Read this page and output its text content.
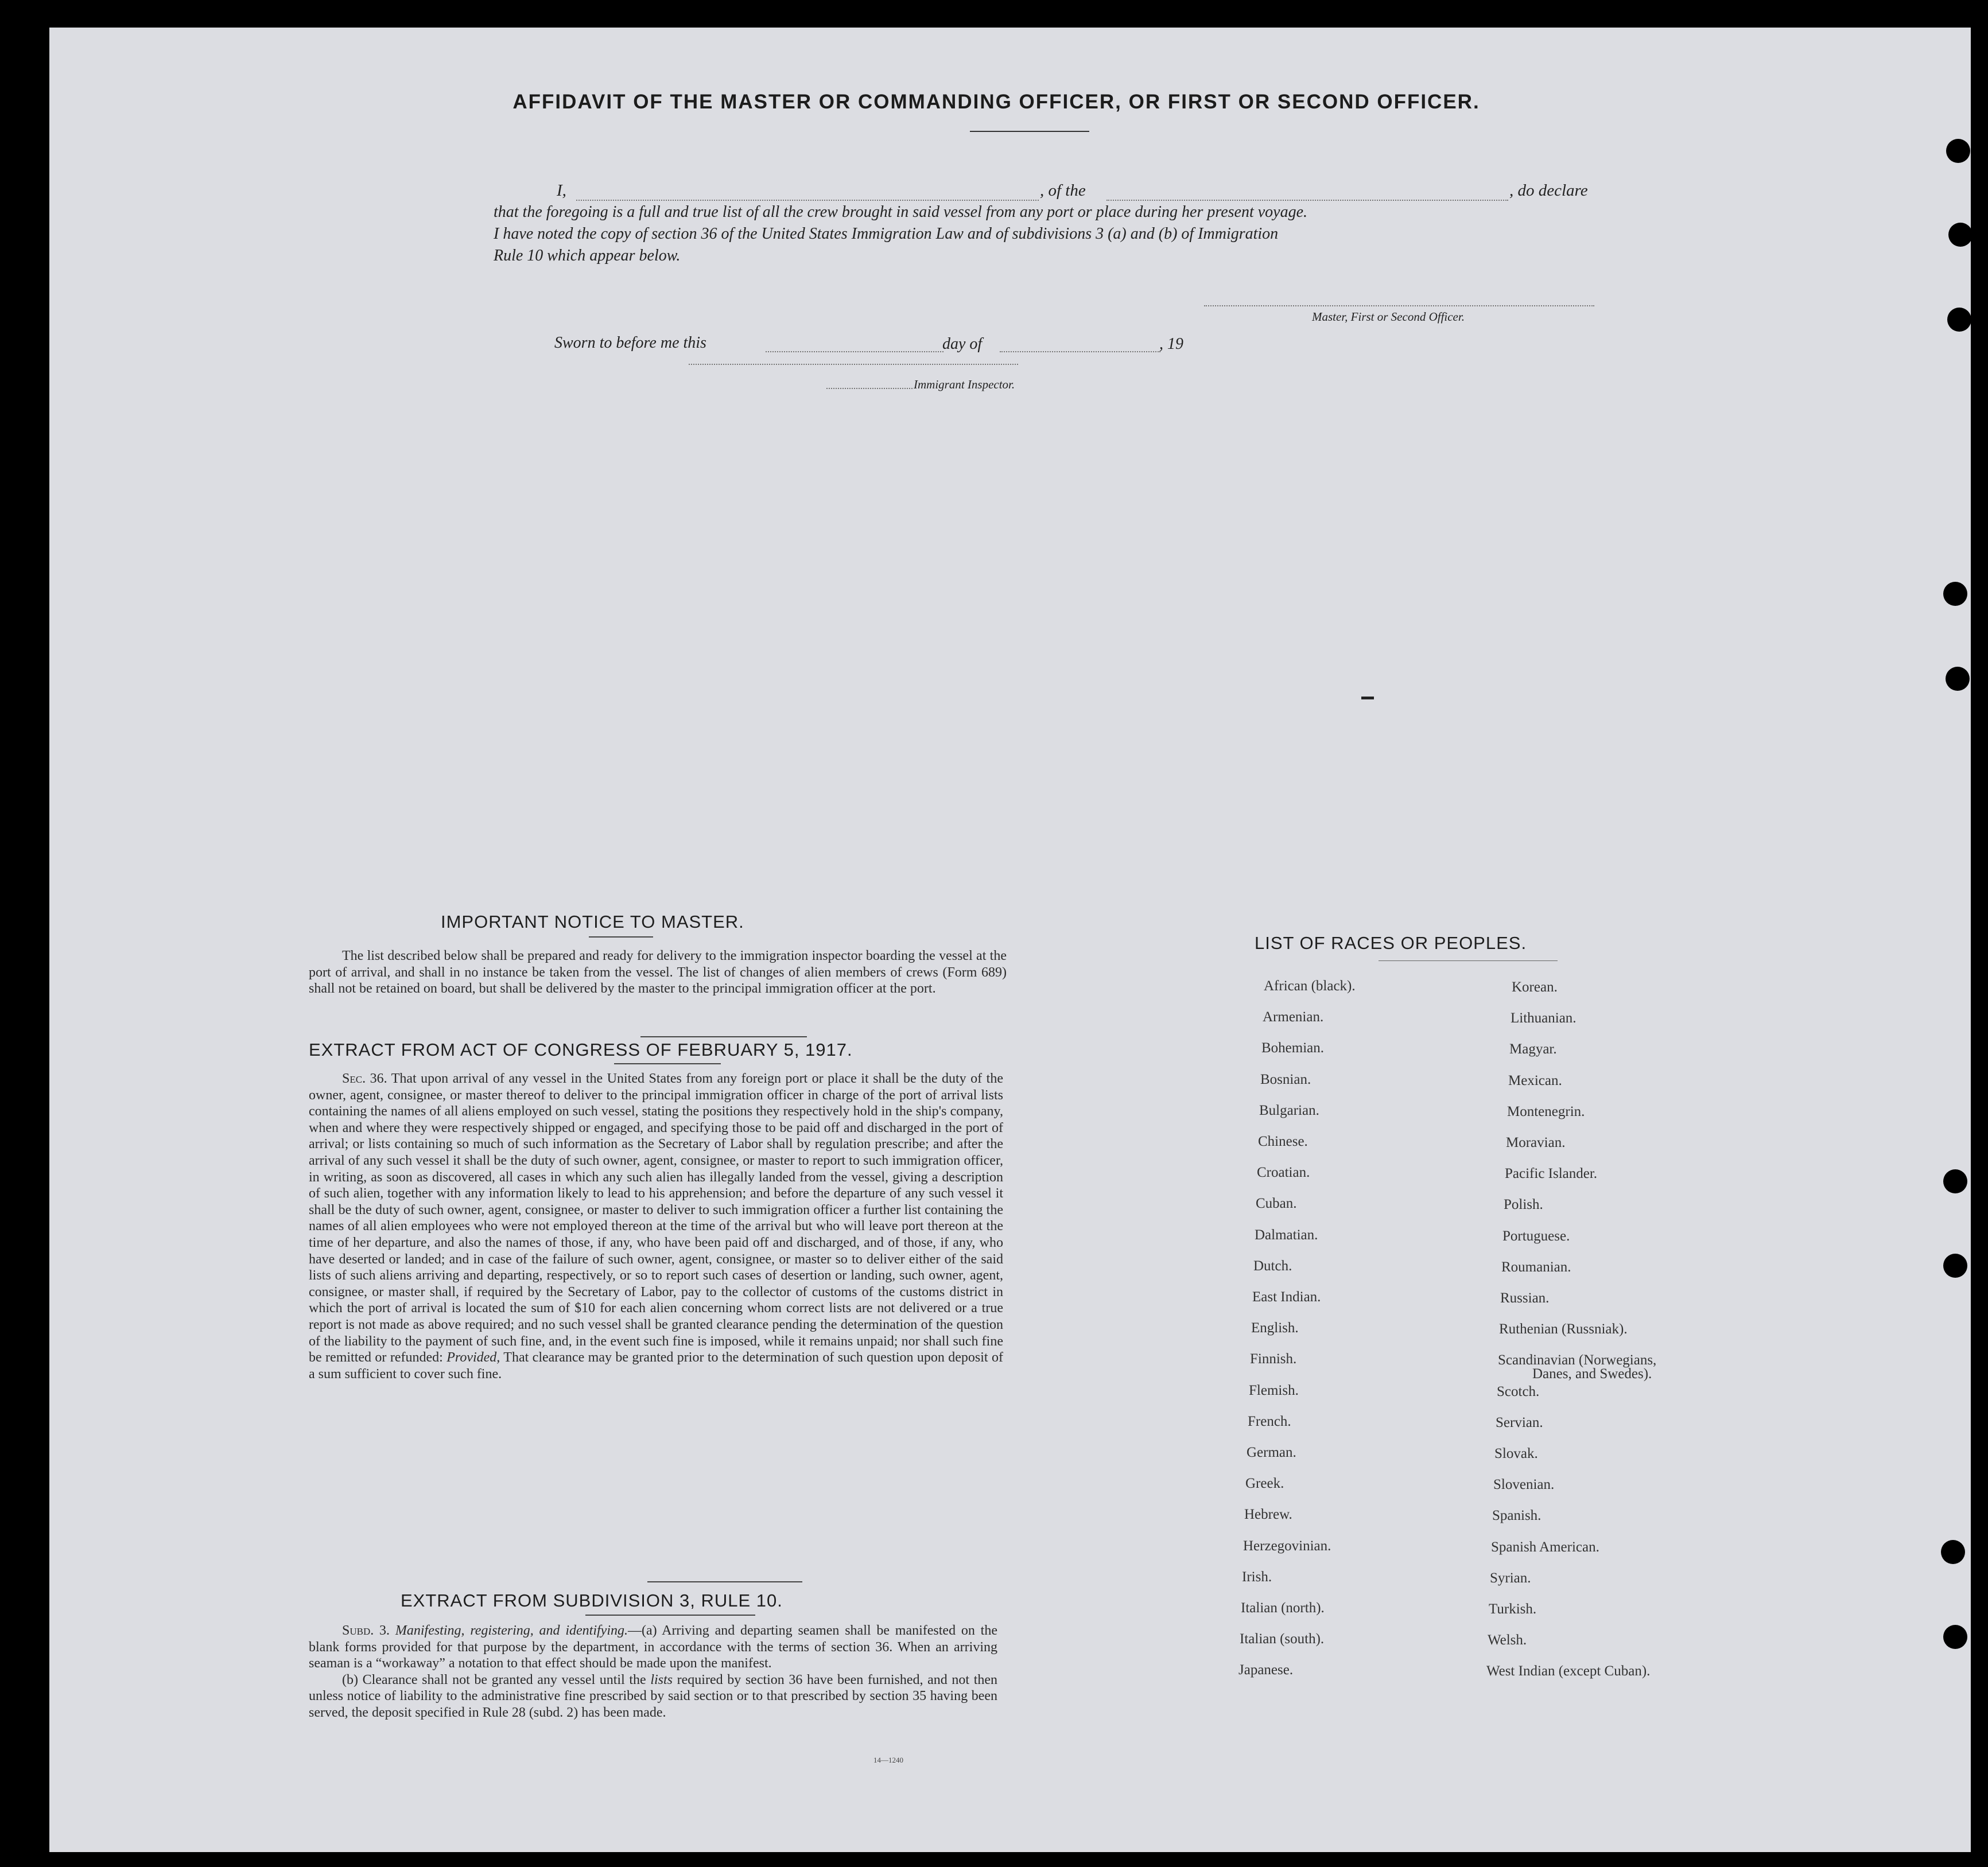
AFFIDAVIT OF THE MASTER OR COMMANDING OFFICER, OR FIRST OR SECOND OFFICER.
I,	, of the	, do declare
that the foregoing is a full and true list of all the crew brought in said vessel from any port or place during her present voyage.
I have noted the copy of section 36 of the United States Immigration Law and of subdivisions 3 (a) and (b) of Immigration
Rule 10 which appear below.
Master, First or Second Officer.
Sworn to before me this	day of	, 19
Immigrant Inspector.
IMPORTANT NOTICE TO MASTER.

The list described below shall be prepared and ready for delivery to the immigration inspector boarding the vessel at the port of arrival, and shall in no instance be taken from the vessel. The list of changes of alien members of crews (Form 689) shall not be retained on board, but shall be delivered by the master to the principal immigration officer at the port.

EXTRACT FROM ACT OF CONGRESS OF FEBRUARY 5, 1917.

Sec. 36. That upon arrival of any vessel in the United States from any foreign port or place it shall be the duty of the owner, agent, consignee, or master thereof to deliver to the principal immigration officer in charge of the port of arrival lists containing the names of all aliens employed on such vessel, stating the positions they respectively hold in the ship's company, when and where they were respectively shipped or engaged, and specifying those to be paid off and discharged in the port of arrival; or lists containing so much of such information as the Secretary of Labor shall by regulation prescribe; and after the arrival of any such vessel it shall be the duty of such owner, agent, consignee, or master to report to such immigration officer, in writing, as soon as discovered, all cases in which any such alien has illegally landed from the vessel, giving a description of such alien, together with any information likely to lead to his apprehension; and before the departure of any such vessel it shall be the duty of such owner, agent, consignee, or master to deliver to such immigration officer a further list containing the names of all alien employees who were not employed thereon at the time of the arrival but who will leave port thereon at the time of her departure, and also the names of those, if any, who have been paid off and discharged, and of those, if any, who have deserted or landed; and in case of the failure of such owner, agent, consignee, or master so to deliver either of the said lists of such aliens arriving and departing, respectively, or so to report such cases of desertion or landing, such owner, agent, consignee, or master shall, if required by the Secretary of Labor, pay to the collector of customs of the customs district in which the port of arrival is located the sum of $10 for each alien concerning whom correct lists are not delivered or a true report is not made as above required; and no such vessel shall be granted clearance pending the determination of the question of the liability to the payment of such fine, and, in the event such fine is imposed, while it remains unpaid; nor shall such fine be remitted or refunded: Provided, That clearance may be granted prior to the determination of such question upon deposit of a sum sufficient to cover such fine.

EXTRACT FROM SUBDIVISION 3, RULE 10.

Subd. 3. Manifesting, registering, and identifying.—(a) Arriving and departing seamen shall be manifested on the blank forms provided for that purpose by the department, in accordance with the terms of section 36. When an arriving seaman is a “workaway” a notation to that effect should be made upon the manifest.

(b) Clearance shall not be granted any vessel until the lists required by section 36 have been furnished, and not then unless notice of liability to the administrative fine prescribed by said section or to that prescribed by section 35 having been served, the deposit specified in Rule 28 (subd. 2) has been made.

14—1240
LIST OF RACES OR PEOPLES.
African (black).
Armenian.
Bohemian.
Bosnian.
Bulgarian.
Chinese.
Croatian.
Cuban.
Dalmatian.
Dutch.
East Indian.
English.
Finnish.
Flemish.
French.
German.
Greek.
Hebrew.
Herzegovinian.
Irish.
Italian (north).
Italian (south).
Japanese.
Korean.
Lithuanian.
Magyar.
Mexican.
Montenegrin.
Moravian.
Pacific Islander.
Polish.
Portuguese.
Roumanian.
Russian.
Ruthenian (Russniak).
Scandinavian (Norwegians,
Scotch.
Servian.
Slovak.
Slovenian.
Spanish.
Spanish American.
Syrian.
Turkish.
Welsh.
West Indian (except Cuban).
Danes, and Swedes).
